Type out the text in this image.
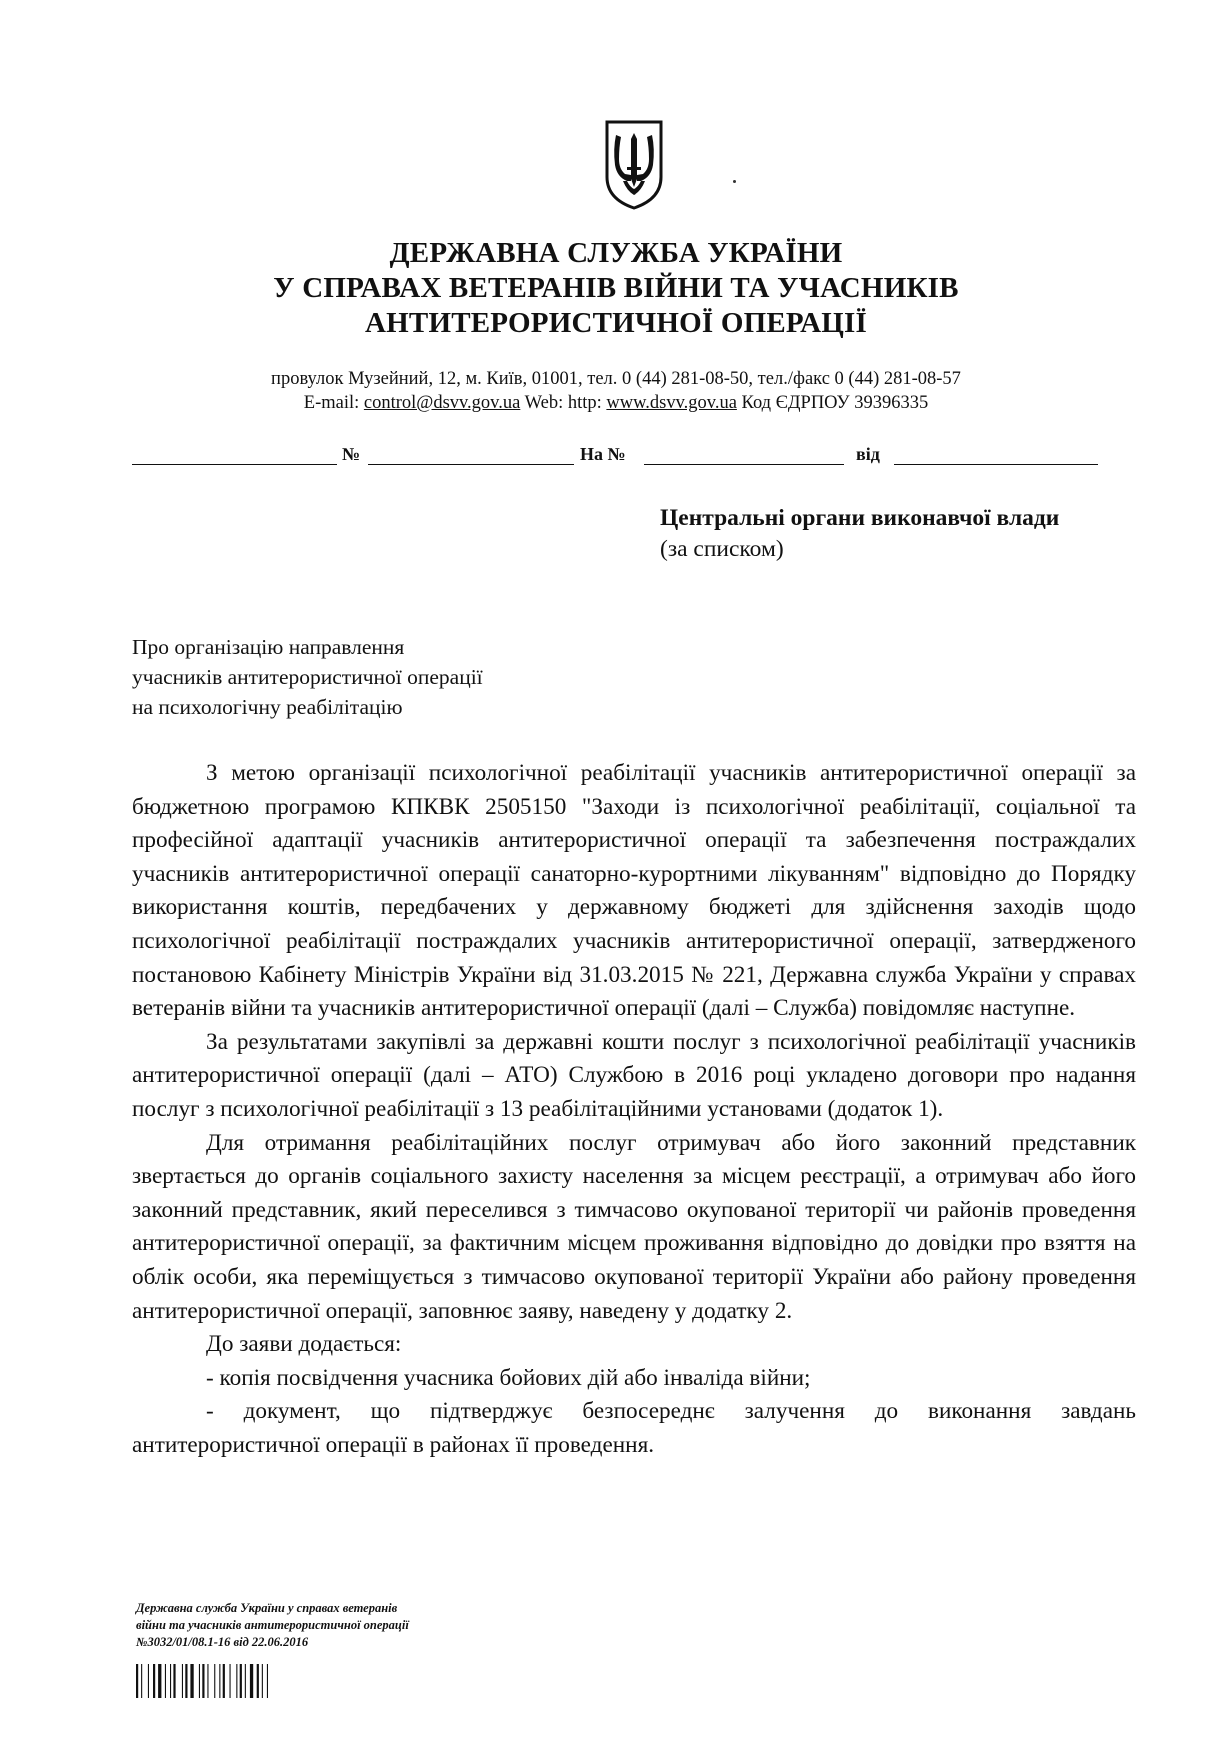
ДЕРЖАВНА СЛУЖБА УКРАЇНИ
У СПРАВАХ ВЕТЕРАНІВ ВІЙНИ ТА УЧАСНИКІВ
АНТИТЕРОРИСТИЧНОЇ ОПЕРАЦІЇ
провулок Музейний, 12, м. Київ, 01001, тел. 0 (44) 281-08-50, тел./факс 0 (44) 281-08-57
E-mail: control@dsvv.gov.ua Web: http: www.dsvv.gov.ua Код ЄДРПОУ 39396335
№	На №	від
Центральні органи виконавчої влади
(за списком)
Про організацію направлення
учасників антитерористичної операції
на психологічну реабілітацію

З метою організації психологічної реабілітації учасників антитерористичної операції за бюджетною програмою КПКВК 2505150 "Заходи із психологічної реабілітації, соціальної та професійної адаптації учасників антитерористичної операції та забезпечення постраждалих учасників антитерористичної операції санаторно-курортними лікуванням" відповідно до Порядку використання коштів, передбачених у державному бюджеті для здійснення заходів щодо психологічної реабілітації постраждалих учасників антитерористичної операції, затвердженого постановою Кабінету Міністрів України від 31.03.2015 № 221, Державна служба України у справах ветеранів війни та учасників антитерористичної операції (далі – Служба) повідомляє наступне.

За результатами закупівлі за державні кошти послуг з психологічної реабілітації учасників антитерористичної операції (далі – АТО) Службою в 2016 році укладено договори про надання послуг з психологічної реабілітації з 13 реабілітаційними установами (додаток 1).

Для отримання реабілітаційних послуг отримувач або його законний представник звертається до органів соціального захисту населення за місцем реєстрації, а отримувач або його законний представник, який переселився з тимчасово окупованої території чи районів проведення антитерористичної операції, за фактичним місцем проживання відповідно до довідки про взяття на облік особи, яка переміщується з тимчасово окупованої території України або району проведення антитерористичної операції, заповнює заяву, наведену у додатку 2.

До заяви додається:

- копія посвідчення учасника бойових дій або інваліда війни;

- документ, що підтверджує безпосереднє залучення до виконання завдань антитерористичної операції в районах її проведення.

Державна служба України у справах ветеранів
війни та учасників антитерористичної операції
№3032/01/08.1-16 від 22.06.2016
